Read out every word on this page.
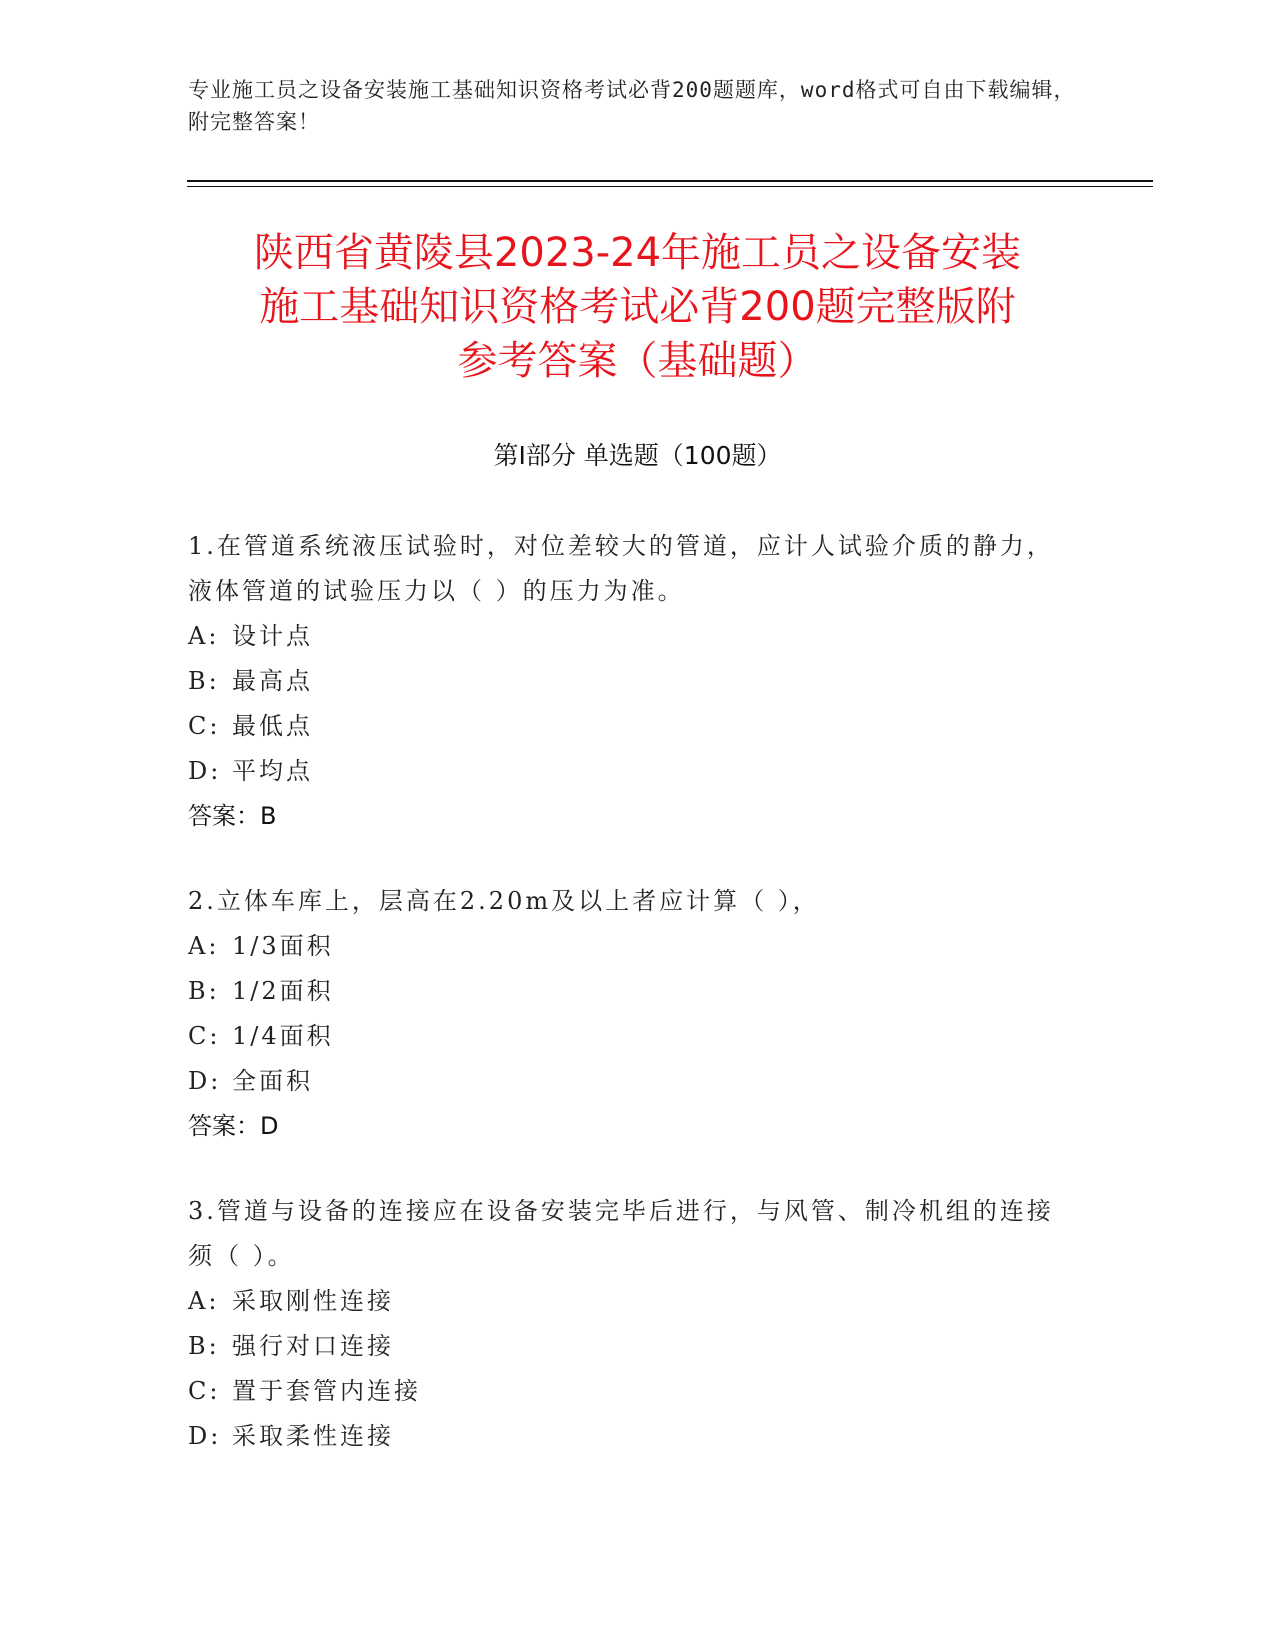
专业施工员之设备安装施工基础知识资格考试必背200题题库，word格式可自由下载编辑，附完整答案！
陕西省黄陵县2023-24年施工员之设备安装
施工基础知识资格考试必背200题完整版附
参考答案（基础题）
第Ⅰ部分 单选题（100题）
1.在管道系统液压试验时，对位差较大的管道，应计人试验介质的静力，液体管道的试验压力以（ ）的压力为准。
A: 设计点
B: 最高点
C: 最低点
D: 平均点
答案：B
2.立体车库上，层高在2.20m及以上者应计算（ ），
A: 1/3面积
B: 1/2面积
C: 1/4面积
D: 全面积
答案：D
3.管道与设备的连接应在设备安装完毕后进行，与风管、制冷机组的连接须（ ）。
A: 采取刚性连接
B: 强行对口连接
C: 置于套管内连接
D: 采取柔性连接
